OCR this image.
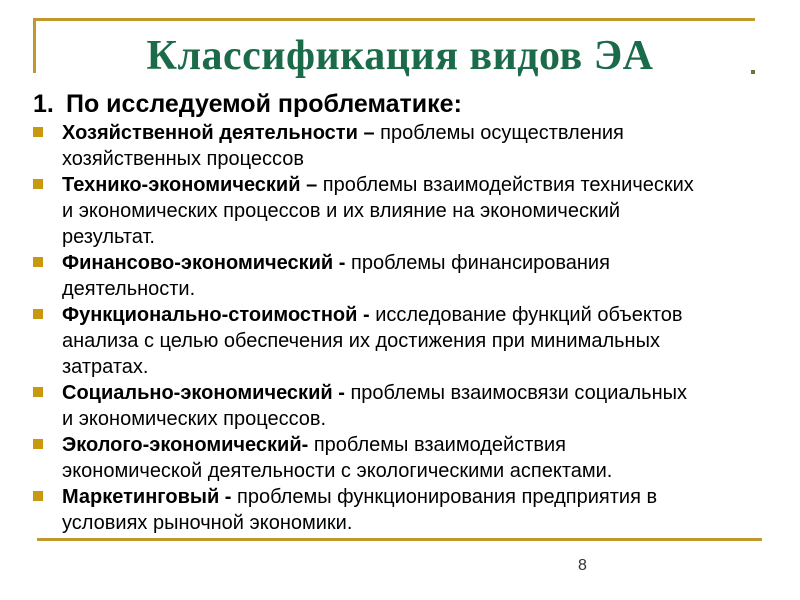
Классификация видов ЭА
1. По исследуемой проблематике:
Хозяйственной деятельности – проблемы осуществления хозяйственных процессов
Технико-экономический – проблемы взаимодействия технических и экономических процессов и их влияние на экономический результат.
Финансово-экономический - проблемы финансирования деятельности.
Функционально-стоимостной - исследование функций объектов анализа с целью обеспечения их достижения при минимальных затратах.
Социально-экономический - проблемы взаимосвязи социальных и экономических процессов.
Эколого-экономический- проблемы взаимодействия экономической деятельности с экологическими аспектами.
Маркетинговый - проблемы функционирования предприятия в условиях рыночной экономики.
8
